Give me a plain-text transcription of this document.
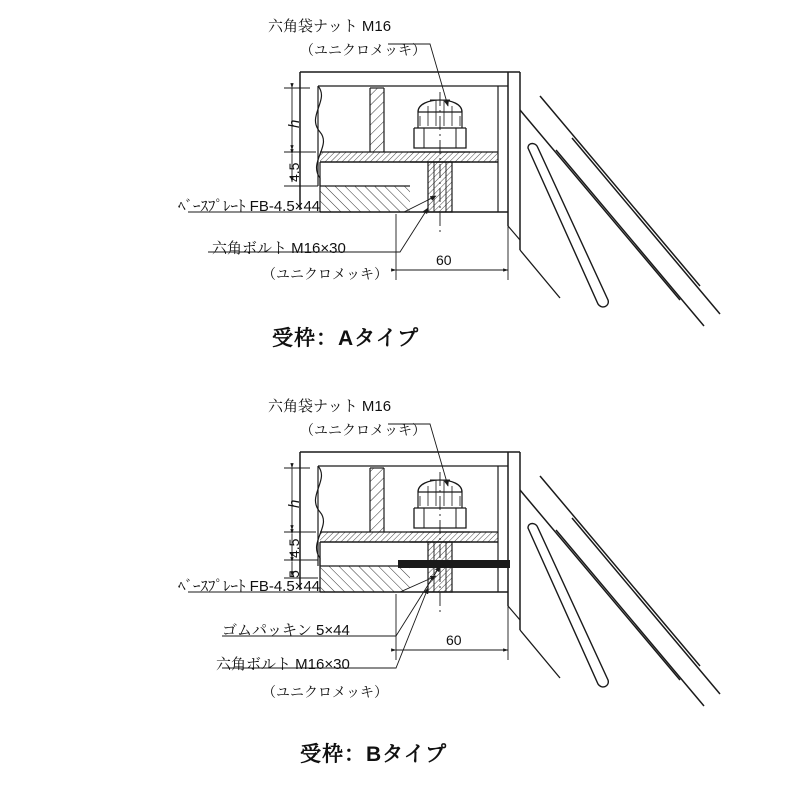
六角袋ナット M16
（ユニクロメッキ）
ﾍﾞｰｽﾌﾟﾚｰﾄ FB-4.5×44
六角ボルト M16×30
（ユニクロメッキ）
h
4.5
60
受枠：Aタイプ
六角袋ナット M16
（ユニクロメッキ）
ﾍﾞｰｽﾌﾟﾚｰﾄ FB-4.5×44
ゴムパッキン 5×44
六角ボルト M16×30
（ユニクロメッキ）
h
4.5
5
60
受枠：Bタイプ
